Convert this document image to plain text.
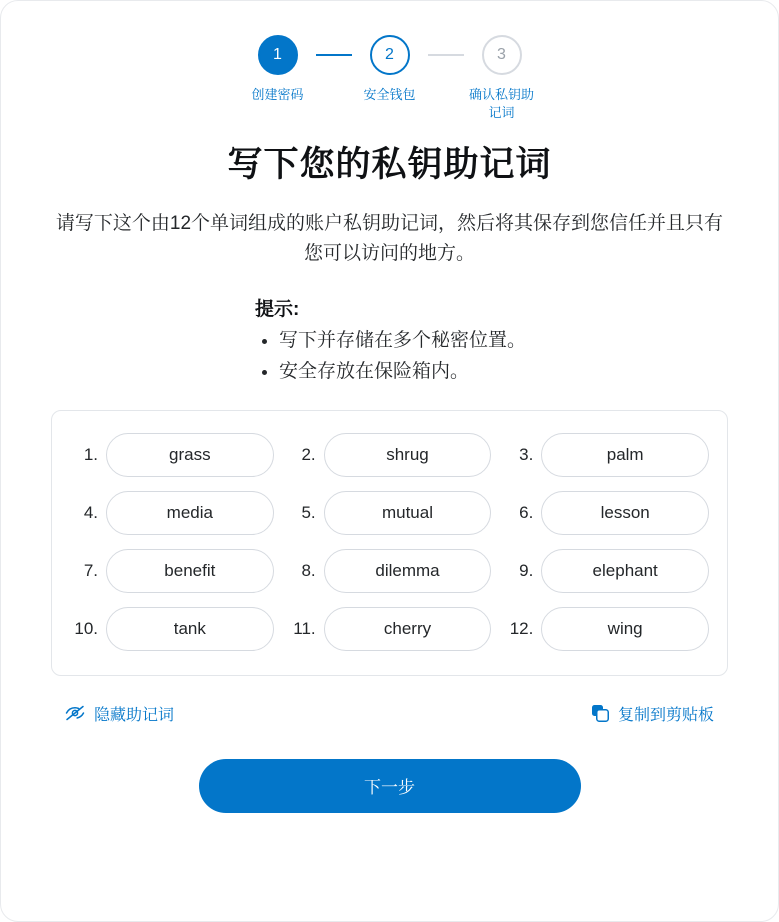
1
创建密码
2
安全钱包
3
确认私钥助记词
写下您的私钥助记词

请写下这个由12个单词组成的账户私钥助记词，然后将其保存到您信任并且只有您可以访问的地方。

提示:
• 写下并存储在多个秘密位置。
• 安全存放在保险箱内。
1.	grass	2.	shrug	3.	palm
4.	media	5.	mutual	6.	lesson
7.	benefit	8.	dilemma	9.	elephant
10.	tank	11.	cherry	12.	wing
隐藏助记词	复制到剪贴板
下一步
